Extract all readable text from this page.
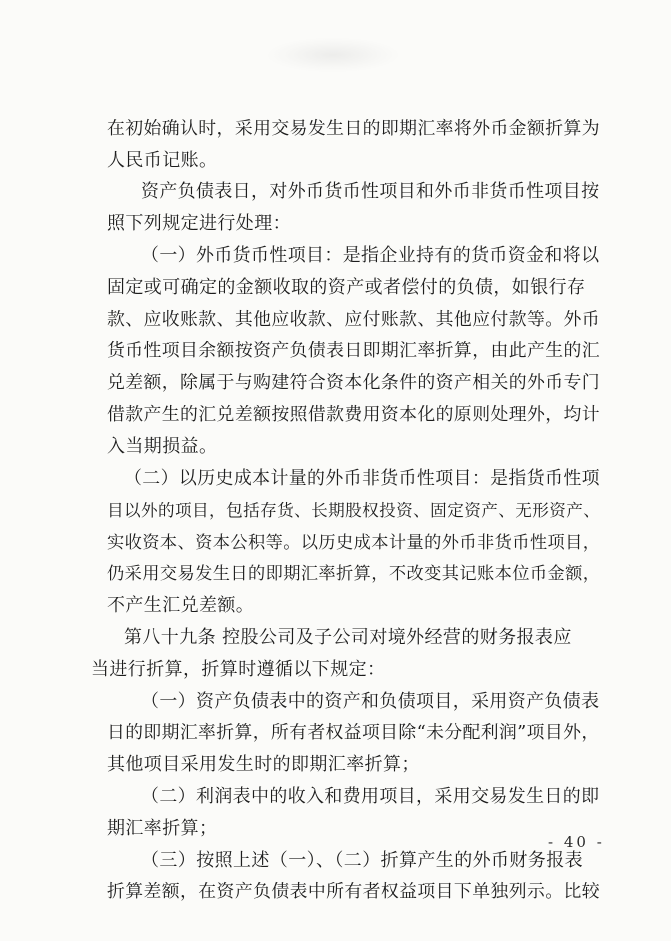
在初始确认时，采用交易发生日的即期汇率将外币金额折算为
人民币记账。
资产负债表日，对外币货币性项目和外币非货币性项目按
照下列规定进行处理：
（一）外币货币性项目：是指企业持有的货币资金和将以
固定或可确定的金额收取的资产或者偿付的负债，如银行存
款、应收账款、其他应收款、应付账款、其他应付款等。外币
货币性项目余额按资产负债表日即期汇率折算，由此产生的汇
兑差额，除属于与购建符合资本化条件的资产相关的外币专门
借款产生的汇兑差额按照借款费用资本化的原则处理外，均计
入当期损益。
（二）以历史成本计量的外币非货币性项目：是指货币性项
目以外的项目，包括存货、长期股权投资、固定资产、无形资产、
实收资本、资本公积等。以历史成本计量的外币非货币性项目，
仍采用交易发生日的即期汇率折算，不改变其记账本位币金额，
不产生汇兑差额。
第八十九条 控股公司及子公司对境外经营的财务报表应
当进行折算，折算时遵循以下规定：
（一）资产负债表中的资产和负债项目，采用资产负债表
日的即期汇率折算，所有者权益项目除“未分配利润”项目外，
其他项目采用发生时的即期汇率折算；
（二）利润表中的收入和费用项目，采用交易发生日的即
期汇率折算；
（三）按照上述（一）、（二）折算产生的外币财务报表
折算差额，在资产负债表中所有者权益项目下单独列示。比较
- 40 -
